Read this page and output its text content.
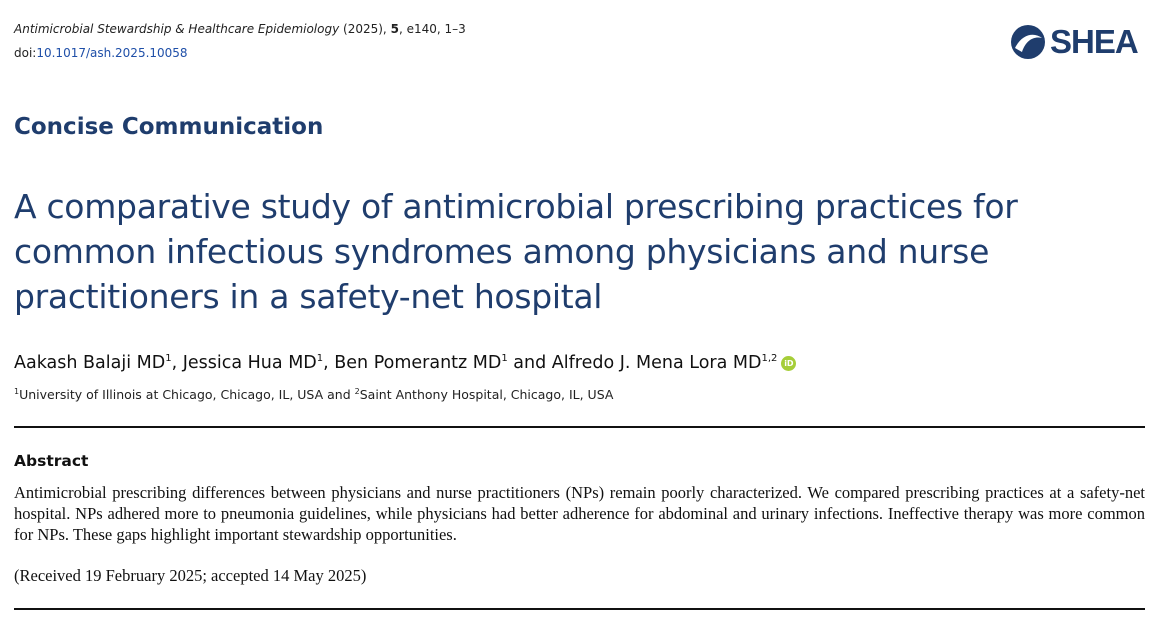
Antimicrobial Stewardship & Healthcare Epidemiology (2025), 5, e140, 1–3
doi:10.1017/ash.2025.10058	SHEA
Concise Communication
A comparative study of antimicrobial prescribing practices for common infectious syndromes among physicians and nurse practitioners in a safety-net hospital
Aakash Balaji $MD^1$, Jessica Hua $MD^1$, Ben Pomerantz $MD^1$ and Alfredo J. Mena Lora MD$^{1,2}$ iD
$^1$University of Illinois at Chicago, Chicago, IL, USA and $^2$Saint Anthony Hospital, Chicago, IL, USA
Abstract
Antimicrobial prescribing differences between physicians and nurse practitioners (NPs) remain poorly characterized. We compared prescribing practices at a safety-net hospital. NPs adhered more to pneumonia guidelines, while physicians had better adherence for abdominal and urinary infections. Ineffective therapy was more common for NPs. These gaps highlight important stewardship opportunities.
(Received 19 February 2025; accepted 14 May 2025)
